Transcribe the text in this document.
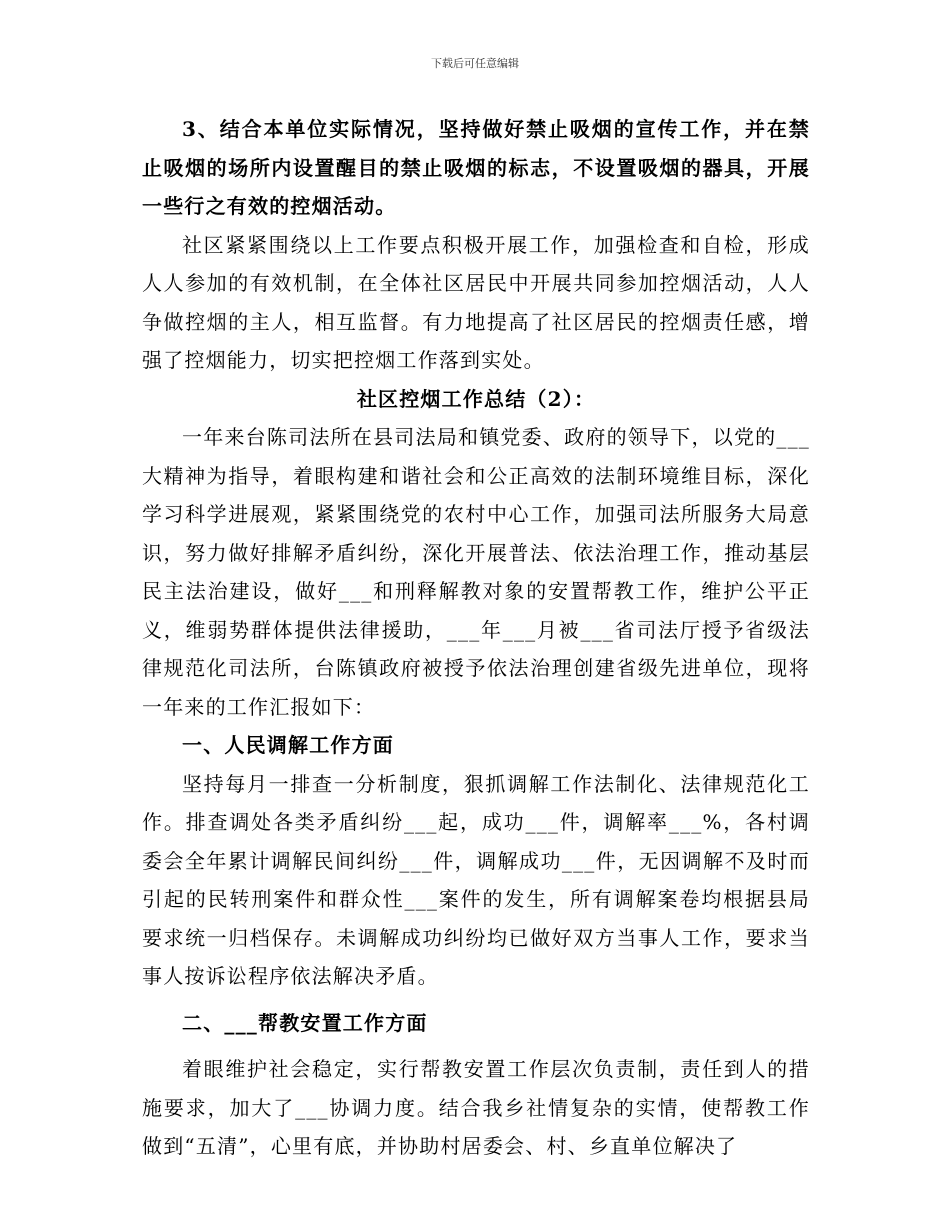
下载后可任意编辑

3、结合本单位实际情况，坚持做好禁止吸烟的宣传工作，并在禁止吸烟的场所内设置醒目的禁止吸烟的标志，不设置吸烟的器具，开展一些行之有效的控烟活动。

社区紧紧围绕以上工作要点积极开展工作，加强检查和自检，形成人人参加的有效机制，在全体社区居民中开展共同参加控烟活动，人人争做控烟的主人，相互监督。有力地提高了社区居民的控烟责任感，增强了控烟能力，切实把控烟工作落到实处。

社区控烟工作总结（2）：

一年来台陈司法所在县司法局和镇党委、政府的领导下，以党的___大精神为指导，着眼构建和谐社会和公正高效的法制环境维目标，深化学习科学进展观，紧紧围绕党的农村中心工作，加强司法所服务大局意识，努力做好排解矛盾纠纷，深化开展普法、依法治理工作，推动基层民主法治建设，做好___和刑释解教对象的安置帮教工作，维护公平正义，维弱势群体提供法律援助，___年___月被___省司法厅授予省级法律规范化司法所，台陈镇政府被授予依法治理创建省级先进单位，现将一年来的工作汇报如下：

一、人民调解工作方面

坚持每月一排查一分析制度，狠抓调解工作法制化、法律规范化工作。排查调处各类矛盾纠纷___起，成功___件，调解率___%，各村调委会全年累计调解民间纠纷___件，调解成功___件，无因调解不及时而引起的民转刑案件和群众性___案件的发生，所有调解案卷均根据县局要求统一归档保存。未调解成功纠纷均已做好双方当事人工作，要求当事人按诉讼程序依法解决矛盾。

二、___帮教安置工作方面

着眼维护社会稳定，实行帮教安置工作层次负责制，责任到人的措施要求，加大了___协调力度。结合我乡社情复杂的实情，使帮教工作做到“五清”，心里有底，并协助村居委会、村、乡直单位解决了
